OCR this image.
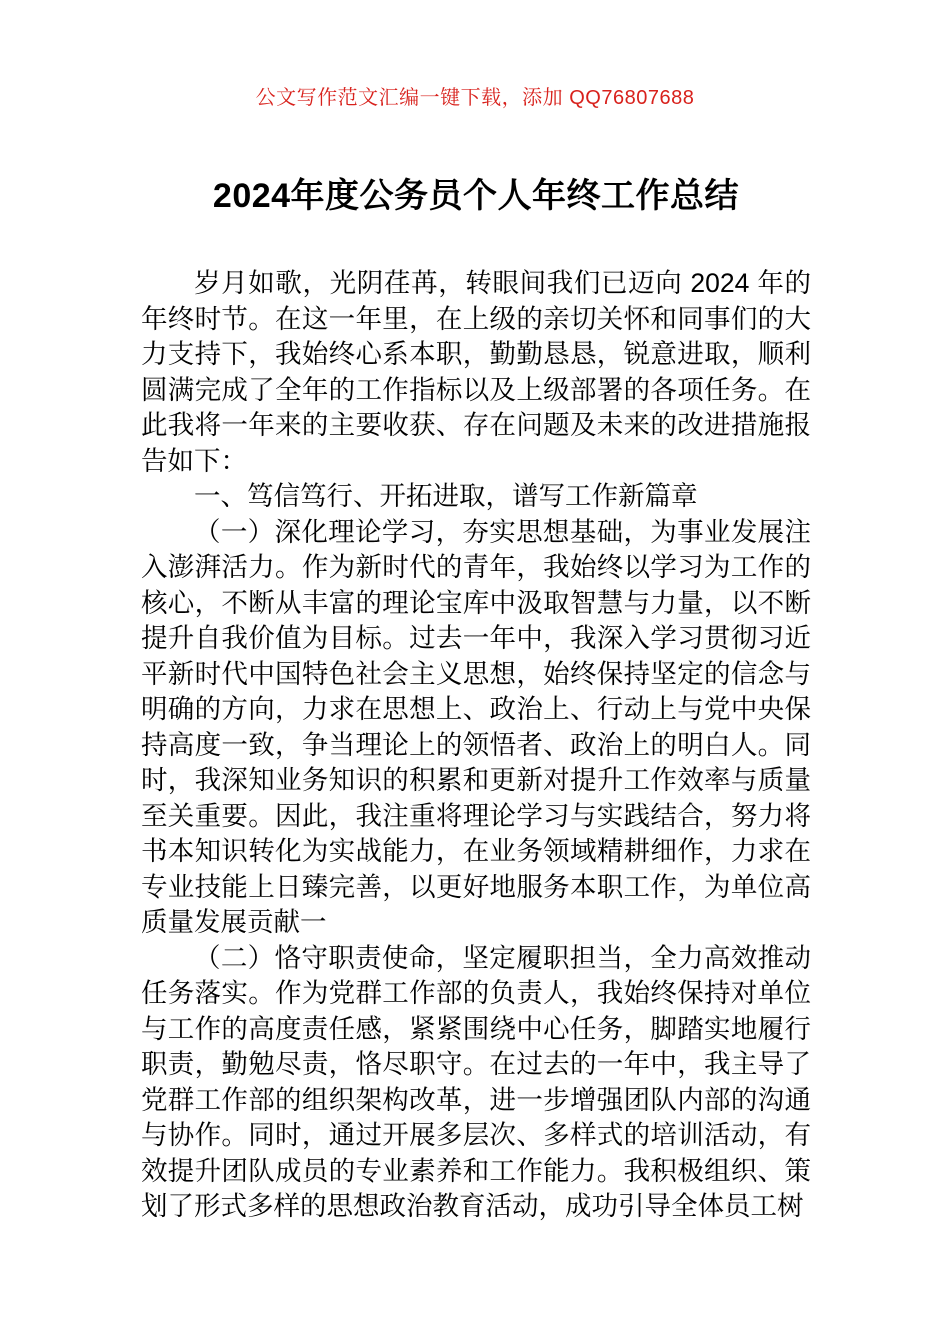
公文写作范文汇编一键下载，添加 QQ76807688
2024年度公务员个人年终工作总结

岁月如歌，光阴荏苒，转眼间我们已迈向 2024 年的年终时节。在这一年里，在上级的亲切关怀和同事们的大力支持下，我始终心系本职，勤勤恳恳，锐意进取，顺利圆满完成了全年的工作指标以及上级部署的各项任务。在此我将一年来的主要收获、存在问题及未来的改进措施报告如下：

一、笃信笃行、开拓进取，谱写工作新篇章

（一）深化理论学习，夯实思想基础，为事业发展注入澎湃活力。作为新时代的青年，我始终以学习为工作的核心，不断从丰富的理论宝库中汲取智慧与力量，以不断提升自我价值为目标。过去一年中，我深入学习贯彻习近平新时代中国特色社会主义思想，始终保持坚定的信念与明确的方向，力求在思想上、政治上、行动上与党中央保持高度一致，争当理论上的领悟者、政治上的明白人。同时，我深知业务知识的积累和更新对提升工作效率与质量至关重要。因此，我注重将理论学习与实践结合，努力将书本知识转化为实战能力，在业务领域精耕细作，力求在专业技能上日臻完善，以更好地服务本职工作，为单位高质量发展贡献一

（二）恪守职责使命，坚定履职担当，全力高效推动任务落实。作为党群工作部的负责人，我始终保持对单位与工作的高度责任感，紧紧围绕中心任务，脚踏实地履行职责，勤勉尽责，恪尽职守。在过去的一年中，我主导了党群工作部的组织架构改革，进一步增强团队内部的沟通与协作。同时，通过开展多层次、多样式的培训活动，有效提升团队成员的专业素养和工作能力。我积极组织、策划了形式多样的思想政治教育活动，成功引导全体员工树
